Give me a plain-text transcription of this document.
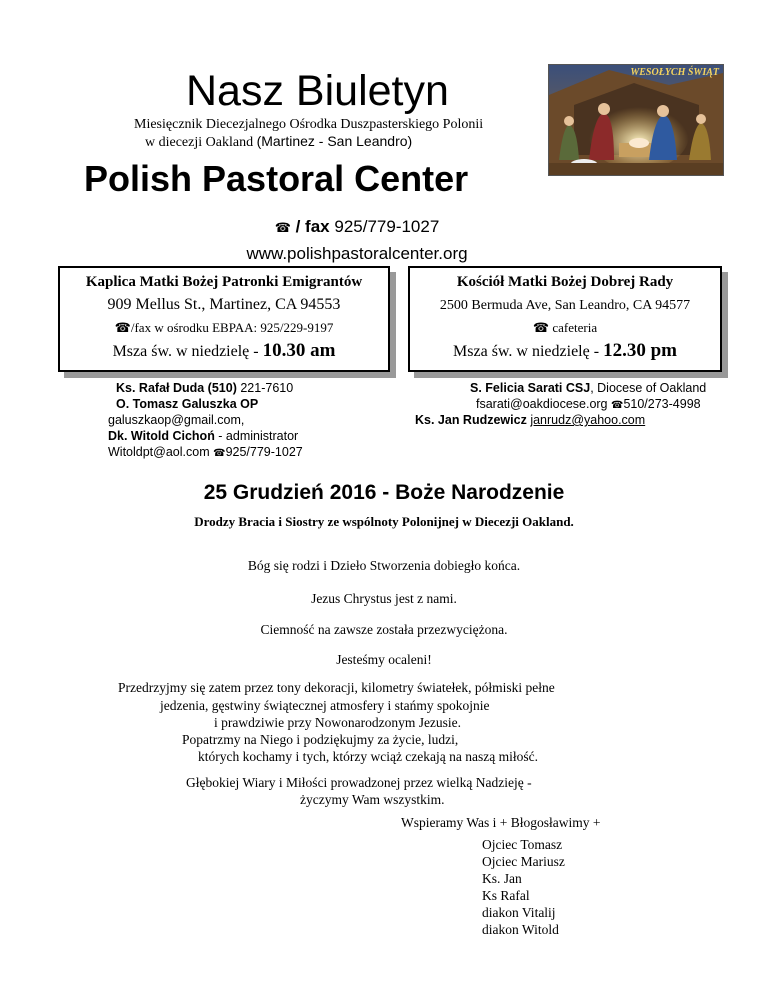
Nasz Biuletyn
Miesięcznik Diecezjalnego Ośrodka Duszpasterskiego Polonii
w diecezji Oakland (Martinez - San Leandro)
Polish Pastoral Center
WESOŁYCH ŚWIĄT
☎ / fax 925/779-1027
www.polishpastoralcenter.org
Kaplica Matki Bożej Patronki Emigrantów
909 Mellus St., Martinez, CA 94553
☎/fax w ośrodku EBPAA: 925/229-9197
Msza św. w niedzielę - 10.30 am
Kościół Matki Bożej Dobrej Rady
2500 Bermuda Ave, San Leandro, CA 94577
☎ cafeteria
Msza św. w niedzielę - 12.30 pm
Ks. Rafał Duda (510) 221-7610
O. Tomasz Galuszka OP
galuszkaop@gmail.com,
Dk. Witold Cichoń - administrator
Witoldpt@aol.com ☎925/779-1027
S. Felicia Sarati CSJ, Diocese of Oakland
fsarati@oakdiocese.org ☎510/273-4998
Ks. Jan Rudzewicz janrudz@yahoo.com
25 Grudzień 2016 - Boże Narodzenie
Drodzy Bracia i Siostry ze wspólnoty Polonijnej w Diecezji Oakland.
Bóg się rodzi i Dzieło Stworzenia dobiegło końca.
Jezus Chrystus jest z nami.
Ciemność na zawsze została przezwyciężona.
Jesteśmy ocaleni!
Przedrzyjmy się zatem przez tony dekoracji, kilometry światełek, półmiski pełne
jedzenia, gęstwiny świątecznej atmosfery i stańmy spokojnie
i prawdziwie przy Nowonarodzonym Jezusie.
Popatrzmy na Niego i podziękujmy za życie, ludzi,
których kochamy i tych, którzy wciąż czekają na naszą miłość.
Głębokiej Wiary i Miłości prowadzonej przez wielką Nadzieję -
życzymy Wam wszystkim.
Wspieramy Was i + Błogosławimy +
Ojciec Tomasz
Ojciec Mariusz
Ks. Jan
Ks Rafal
diakon Vitalij
diakon Witold
